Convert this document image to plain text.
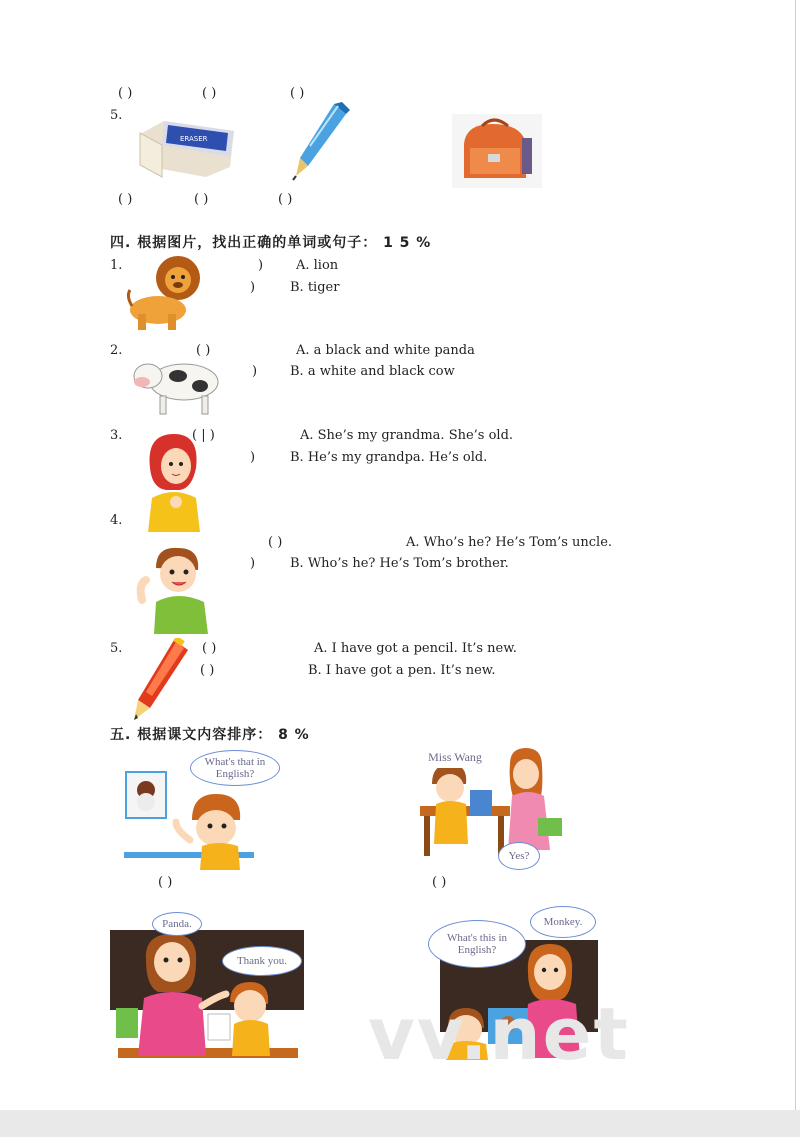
( )	( )	( )
5.
ERASER
( )	( )	( )
四. 根据图片，找出正确的单词或句子： 1 5 %
1.	)	A. lion
)	B. tiger
2.	( )	A. a black and white panda
)	B. a white and black cow
3.	( | )	A. She’s my grandma. She’s old.
)	B. He’s my grandpa. He’s old.
4.
( )	A. Who’s he? He’s Tom’s uncle.
)	B. Who’s he? He’s Tom’s brother.
5.	( )	A. I have got a pencil. It’s new.
( )	B. I have got a pen. It’s new.
五. 根据课文内容排序： 8 %
What's that in English?
Miss Wang
Yes?
( )	( )
Panda.
Thank you.
What's this in English?
Monkey.
vv.net
